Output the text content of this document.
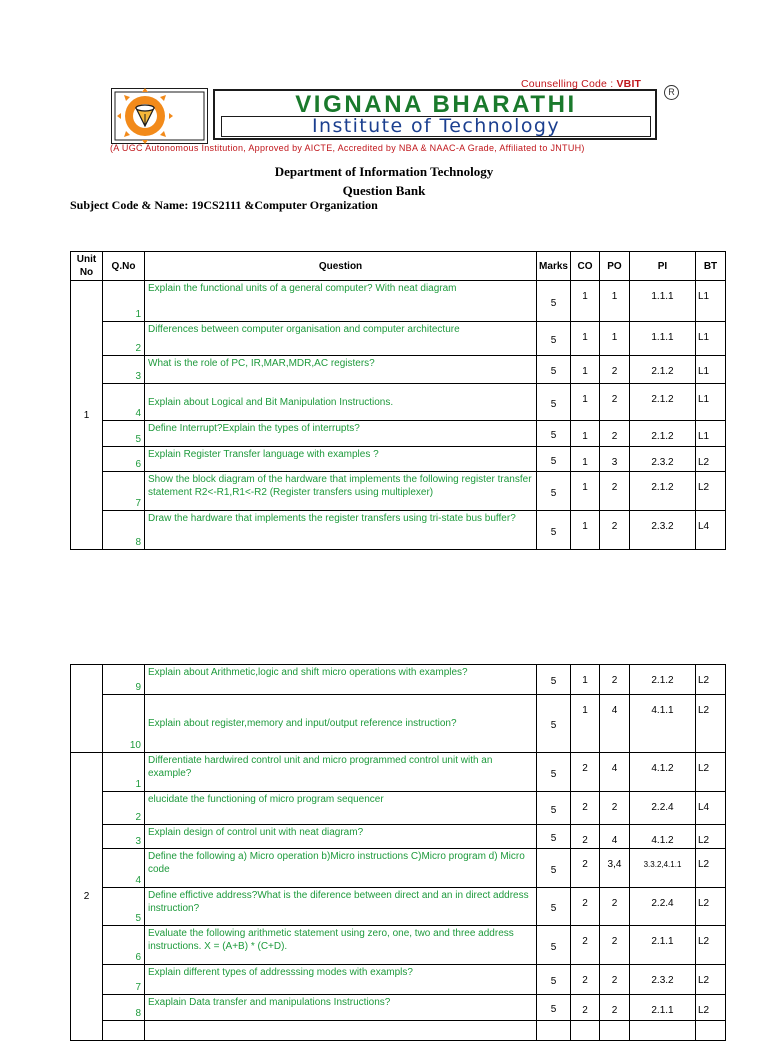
Counselling Code : VBIT
VIGNANA BHARATHI
Institute of Technology
R
(A UGC Autonomous Institution, Approved by AICTE, Accredited by NBA & NAAC-A Grade, Affiliated to JNTUH)
Department of Information Technology
Question Bank
Subject Code & Name: 19CS2111 &Computer Organization
Unit No	Q.No	Question	Marks	CO	PO	PI	BT
1	1	Explain the functional units of a general computer? With neat diagram	5	1	1	1.1.1	L1
	2	Differences between computer organisation and computer architecture	5	1	1	1.1.1	L1
	3	What is the role of PC, IR,MAR,MDR,AC registers?	5	1	2	2.1.2	L1
	4	Explain about Logical and Bit Manipulation Instructions.	5	1	2	2.1.2	L1
	5	Define Interrupt?Explain the types of interrupts?	5	1	2	2.1.2	L1
	6	Explain Register Transfer language with examples ?	5	1	3	2.3.2	L2
	7	Show the block diagram of the hardware that implements the following register transfer statement R2<-R1,R1<-R2 (Register transfers using multiplexer)	5	1	2	2.1.2	L2
	8	Draw the hardware that implements the register transfers using tri-state bus buffer?	5	1	2	2.3.2	L4
	9	Explain about Arithmetic,logic and shift micro operations with examples?	5	1	2	2.1.2	L2
	10	Explain about register,memory and input/output reference instruction?	5	1	4	4.1.1	L2
2	1	Differentiate hardwired control unit and micro programmed control unit with an example?	5	2	4	4.1.2	L2
	2	elucidate the functioning of micro program sequencer	5	2	2	2.2.4	L4
	3	Explain design of control unit with neat diagram?	5	2	4	4.1.2	L2
	4	Define the following a) Micro operation b)Micro instructions C)Micro program d) Micro code	5	2	3,4	3.3.2,4.1.1	L2
	5	Define effictive address?What is the diference between direct and an in direct address instruction?	5	2	2	2.2.4	L2
	6	Evaluate the following arithmetic statement using zero, one, two and three address instructions. X = (A+B) * (C+D).	5	2	2	2.1.1	L2
	7	Explain different types of addresssing modes with exampls?	5	2	2	2.3.2	L2
	8	Exaplain Data transfer and manipulations Instructions?	5	2	2	2.1.1	L2
